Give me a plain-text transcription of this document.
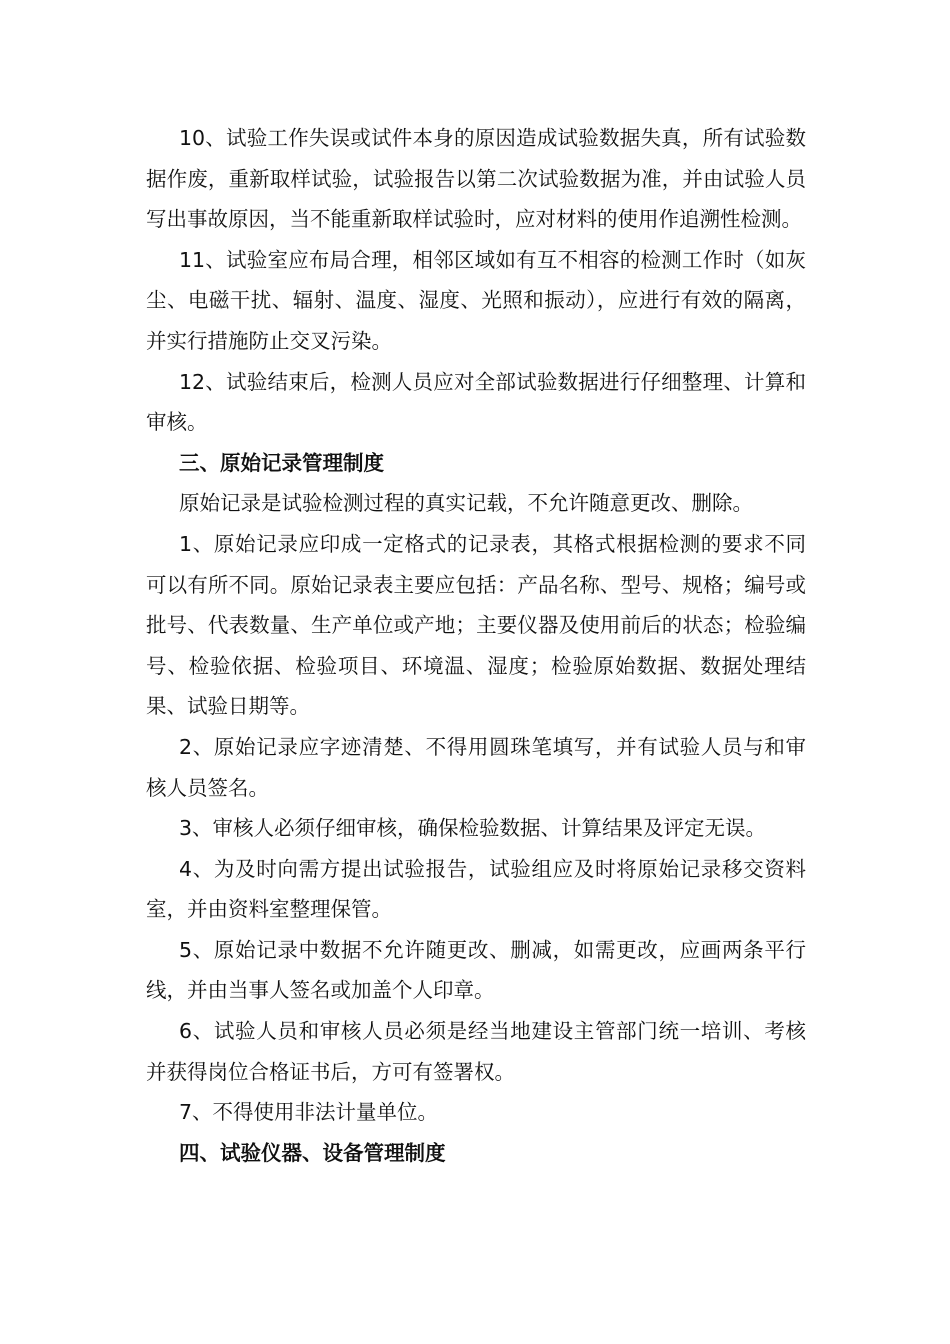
10、试验工作失误或试件本身的原因造成试验数据失真，所有试验数据作废，重新取样试验，试验报告以第二次试验数据为准，并由试验人员写出事故原因，当不能重新取样试验时，应对材料的使用作追溯性检测。

11、试验室应布局合理，相邻区域如有互不相容的检测工作时（如灰尘、电磁干扰、辐射、温度、湿度、光照和振动），应进行有效的隔离，并实行措施防止交叉污染。

12、试验结束后，检测人员应对全部试验数据进行仔细整理、计算和审核。

三、原始记录管理制度

原始记录是试验检测过程的真实记载，不允许随意更改、删除。

1、原始记录应印成一定格式的记录表，其格式根据检测的要求不同可以有所不同。原始记录表主要应包括：产品名称、型号、规格；编号或批号、代表数量、生产单位或产地；主要仪器及使用前后的状态；检验编号、检验依据、检验项目、环境温、湿度；检验原始数据、数据处理结果、试验日期等。

2、原始记录应字迹清楚、不得用圆珠笔填写，并有试验人员与和审核人员签名。

3、审核人必须仔细审核，确保检验数据、计算结果及评定无误。

4、为及时向需方提出试验报告，试验组应及时将原始记录移交资料室，并由资料室整理保管。

5、原始记录中数据不允许随更改、删减，如需更改，应画两条平行线，并由当事人签名或加盖个人印章。

6、试验人员和审核人员必须是经当地建设主管部门统一培训、考核并获得岗位合格证书后，方可有签署权。

7、不得使用非法计量单位。

四、试验仪器、设备管理制度
